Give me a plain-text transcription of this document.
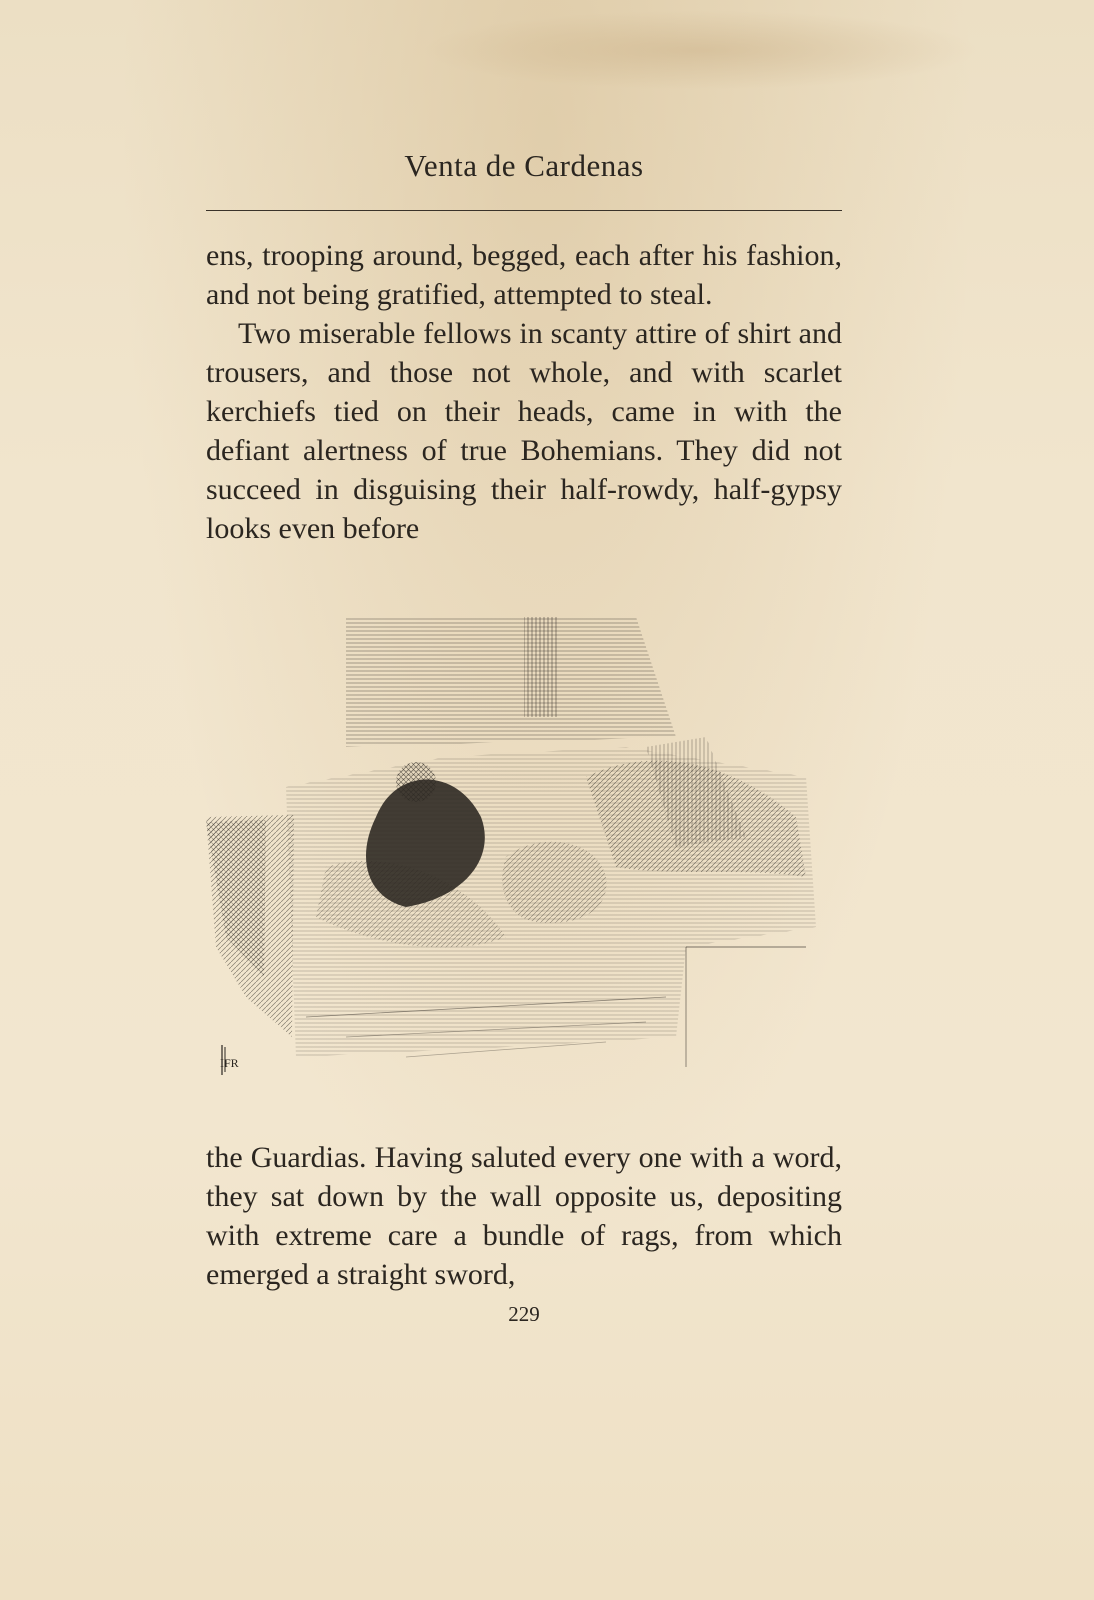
Venta de Cardenas

ens, trooping around, begged, each after his fashion, and not being gratified, attempted to steal.

Two miserable fellows in scanty attire of shirt and trousers, and those not whole, and with scarlet kerchiefs tied on their heads, came in with the defiant alertness of true Bohemians. They did not succeed in disguising their half-rowdy, half-gypsy looks even before

IFR

the Guardias. Having saluted every one with a word, they sat down by the wall opposite us, depositing with extreme care a bundle of rags, from which emerged a straight sword,

229
